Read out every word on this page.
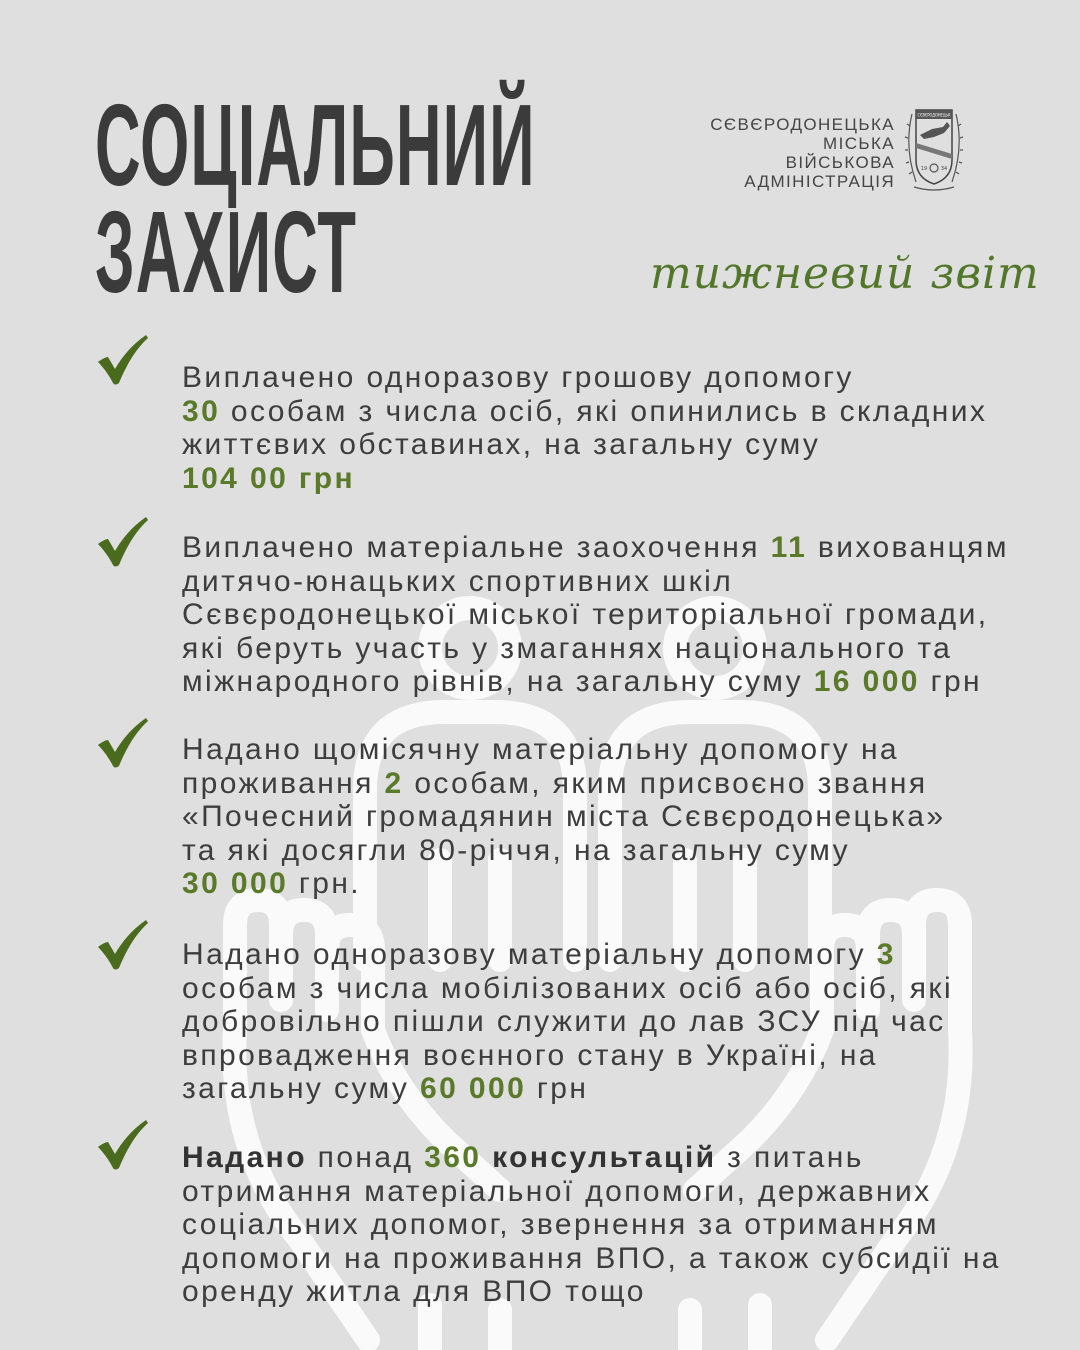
СОЦІАЛЬНИЙ
ЗАХИСТ
СЄВЄРОДОНЕЦЬКА
МІСЬКА
ВІЙСЬКОВА
АДМІНІСТРАЦІЯ
СЄВЄРОДОНЕЦЬК
19	34
тижневий звіт
Виплачено одноразову грошову допомогу
30 особам з числа осіб, які опинились в складних
життєвих обставинах, на загальну суму
104 00 грн
Виплачено матеріальне заохочення 11 вихованцям
дитячо-юнацьких спортивних шкіл
Сєвєродонецької міської територіальної громади,
які беруть участь у змаганнях національного та
міжнародного рівнів, на загальну суму 16 000 грн
Надано щомісячну матеріальну допомогу на
проживання 2 особам, яким присвоєно звання
«Почесний громадянин міста Сєвєродонецька»
та які досягли 80-річчя, на загальну суму
30 000 грн.
Надано одноразову матеріальну допомогу 3
особам з числа мобілізованих осіб або осіб, які
добровільно пішли служити до лав ЗСУ під час
впровадження воєнного стану в Україні, на
загальну суму 60 000 грн
Надано понад 360 консультацій з питань
отримання матеріальної допомоги, державних
соціальних допомог, звернення за отриманням
допомоги на проживання ВПО, а також субсидії на
оренду житла для ВПО тощо
